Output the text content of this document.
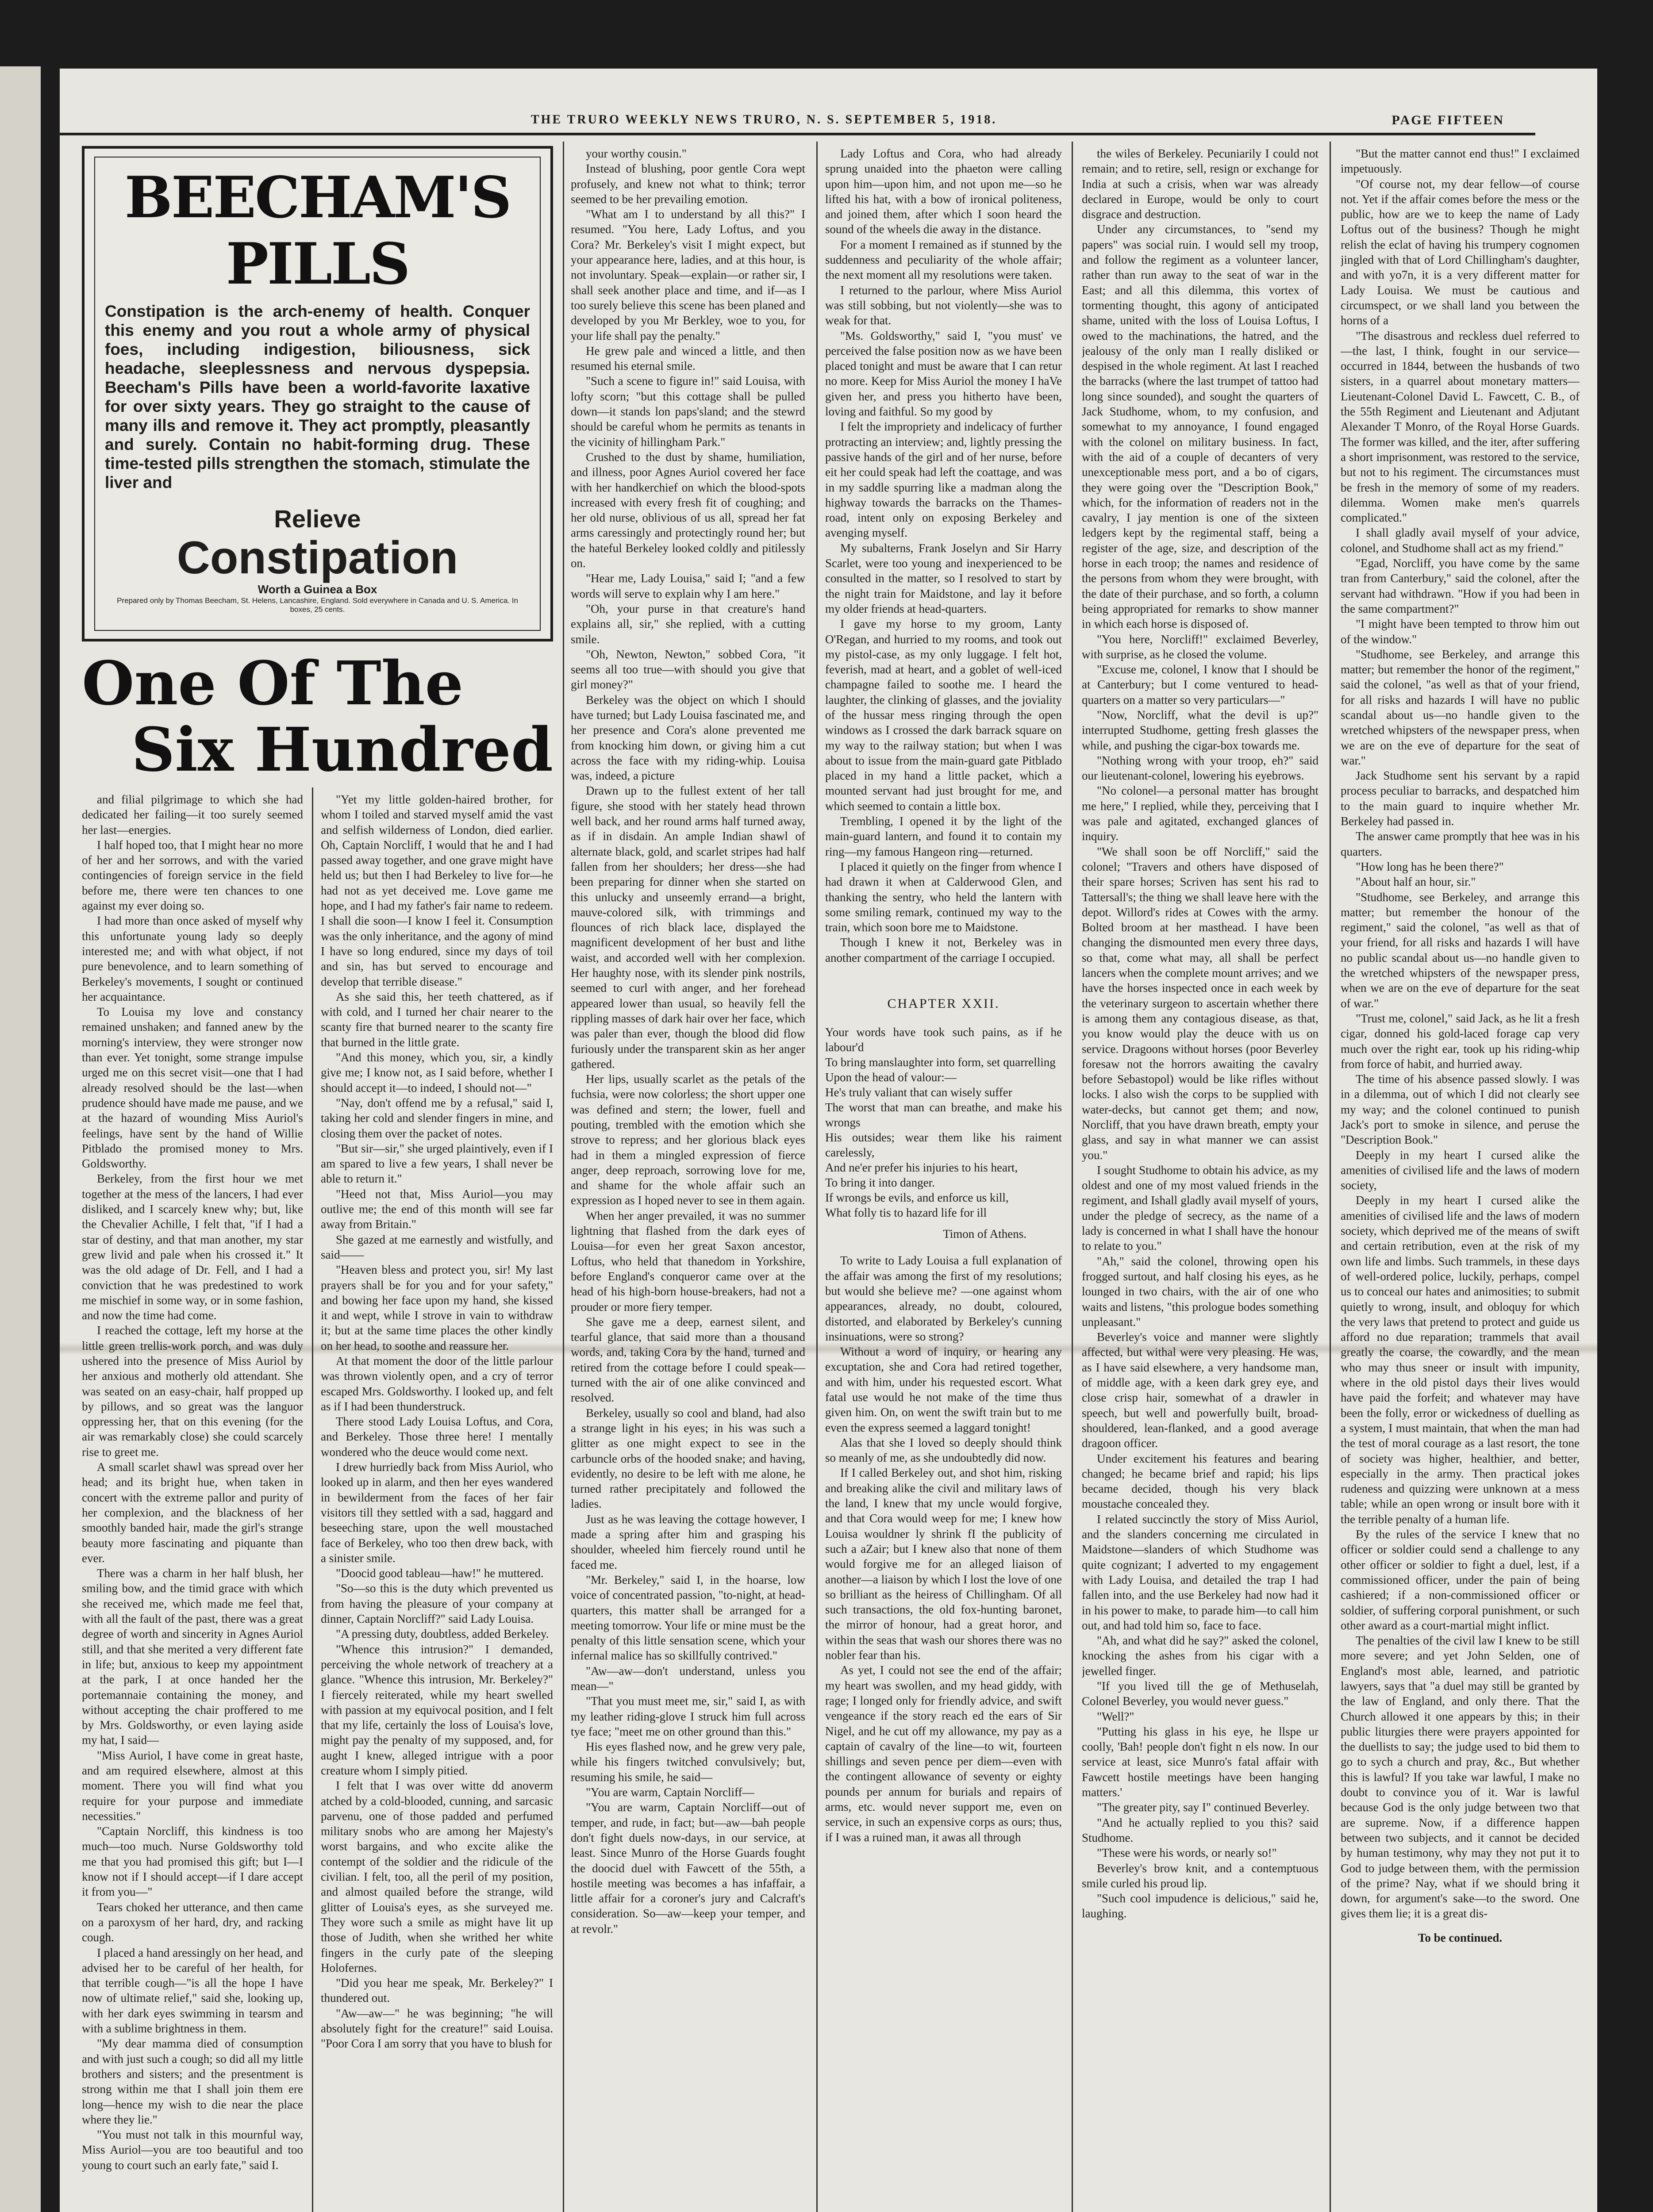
THE TRURO WEEKLY NEWS TRURO, N. S. SEPTEMBER 5, 1918.	PAGE FIFTEEN
BEECHAM'S PILLS
Constipation is the arch-enemy of health. Conquer this enemy and you rout a whole army of physical foes, including indigestion, biliousness, sick headache, sleeplessness and nervous dyspepsia. Beecham's Pills have been a world-favorite laxative for over sixty years. They go straight to the cause of many ills and remove it. They act promptly, pleasantly and surely. Contain no habit-forming drug. These time-tested pills strengthen the stomach, stimulate the liver and
Relieve
Constipation
Worth a Guinea a Box
Prepared only by Thomas Beecham, St. Helens, Lancashire, England. Sold everywhere in Canada and U. S. America. In boxes, 25 cents.
One Of The
Six Hundred

and filial pilgrimage to which she had dedicated her failing—it too surely seemed her last—energies.

I half hoped too, that I might hear no more of her and her sorrows, and with the varied contingencies of foreign service in the field before me, there were ten chances to one against my ever doing so.

I had more than once asked of myself why this unfortunate young lady so deeply interested me; and with what object, if not pure benevolence, and to learn something of Berkeley's movements, I sought or continued her acquaintance.

To Louisa my love and constancy remained unshaken; and fanned anew by the morning's interview, they were stronger now than ever. Yet tonight, some strange impulse urged me on this secret visit—one that I had already resolved should be the last—when prudence should have made me pause, and we at the hazard of wounding Miss Auriol's feelings, have sent by the hand of Willie Pitblado the promised money to Mrs. Goldsworthy.

Berkeley, from the first hour we met together at the mess of the lancers, I had ever disliked, and I scarcely knew why; but, like the Chevalier Achille, I felt that, "if I had a star of destiny, and that man another, my star grew livid and pale when his crossed it." It was the old adage of Dr. Fell, and I had a conviction that he was predestined to work me mischief in some way, or in some fashion, and now the time had come.

I reached the cottage, left my horse at the little green trellis-work porch, and was duly ushered into the presence of Miss Auriol by her anxious and motherly old attendant. She was seated on an easy-chair, half propped up by pillows, and so great was the languor oppressing her, that on this evening (for the air was remarkably close) she could scarcely rise to greet me.

A small scarlet shawl was spread over her head; and its bright hue, when taken in concert with the extreme pallor and purity of her complexion, and the blackness of her smoothly banded hair, made the girl's strange beauty more fascinating and piquante than ever.

There was a charm in her half blush, her smiling bow, and the timid grace with which she received me, which made me feel that, with all the fault of the past, there was a great degree of worth and sincerity in Agnes Auriol still, and that she merited a very different fate in life; but, anxious to keep my appointment at the park, I at once handed her the portemannaie containing the money, and without accepting the chair proffered to me by Mrs. Goldsworthy, or even laying aside my hat, I said—

"Miss Auriol, I have come in great haste, and am required elsewhere, almost at this moment. There you will find what you require for your purpose and immediate necessities."

"Captain Norcliff, this kindness is too much—too much. Nurse Goldsworthy told me that you had promised this gift; but I—I know not if I should accept—if I dare accept it from you—"

Tears choked her utterance, and then came on a paroxysm of her hard, dry, and racking cough.

I placed a hand aressingly on her head, and advised her to be careful of her health, for that terrible cough—"is all the hope I have now of ultimate relief," said she, looking up, with her dark eyes swimming in tearsm and with a sublime brightness in them.

"My dear mamma died of consumption and with just such a cough; so did all my little brothers and sisters; and the presentment is strong within me that I shall join them ere long—hence my wish to die near the place where they lie."

"You must not talk in this mournful way, Miss Auriol—you are too beautiful and too young to court such an early fate," said I.

"Yet my little golden-haired brother, for whom I toiled and starved myself amid the vast and selfish wilderness of London, died earlier. Oh, Captain Norcliff, I would that he and I had passed away together, and one grave might have held us; but then I had Berkeley to live for—he had not as yet deceived me. Love game me hope, and I had my father's fair name to redeem. I shall die soon—I know I feel it. Consumption was the only inheritance, and the agony of mind I have so long endured, since my days of toil and sin, has but served to encourage and develop that terrible disease."

As she said this, her teeth chattered, as if with cold, and I turned her chair nearer to the scanty fire that burned nearer to the scanty fire that burned in the little grate.

"And this money, which you, sir, a kindly give me; I know not, as I said before, whether I should accept it—to indeed, I should not—"

"Nay, don't offend me by a refusal," said I, taking her cold and slender fingers in mine, and closing them over the packet of notes.

"But sir—sir," she urged plaintively, even if I am spared to live a few years, I shall never be able to return it."

"Heed not that, Miss Auriol—you may outlive me; the end of this month will see far away from Britain."

She gazed at me earnestly and wistfully, and said——

"Heaven bless and protect you, sir! My last prayers shall be for you and for your safety," and bowing her face upon my hand, she kissed it and wept, while I strove in vain to withdraw it; but at the same time places the other kindly on her head, to soothe and reassure her.

At that moment the door of the little parlour was thrown violently open, and a cry of terror escaped Mrs. Goldsworthy. I looked up, and felt as if I had been thunderstruck.

There stood Lady Louisa Loftus, and Cora, and Berkeley. Those three here! I mentally wondered who the deuce would come next.

I drew hurriedly back from Miss Auriol, who looked up in alarm, and then her eyes wandered in bewilderment from the faces of her fair visitors till they settled with a sad, haggard and beseeching stare, upon the well moustached face of Berkeley, who too then drew back, with a sinister smile.

"Doocid good tableau—haw!" he muttered.

"So—so this is the duty which prevented us from having the pleasure of your company at dinner, Captain Norcliff?" said Lady Louisa.

"A pressing duty, doubtless, added Berkeley.

"Whence this intrusion?" I demanded, perceiving the whole network of treachery at a glance. "Whence this intrusion, Mr. Berkeley?" I fiercely reiterated, while my heart swelled with passion at my equivocal position, and I felt that my life, certainly the loss of Louisa's love, might pay the penalty of my supposed, and, for aught I knew, alleged intrigue with a poor creature whom I simply pitied.

I felt that I was over witte dd anoverm atched by a cold-blooded, cunning, and sarcasic parvenu, one of those padded and perfumed military snobs who are among her Majesty's worst bargains, and who excite alike the contempt of the soldier and the ridicule of the civilian. I felt, too, all the peril of my position, and almost quailed before the strange, wild glitter of Louisa's eyes, as she surveyed me. They wore such a smile as might have lit up those of Judith, when she writhed her white fingers in the curly pate of the sleeping Holofernes.

"Did you hear me speak, Mr. Berkeley?" I thundered out.

"Aw—aw—" he was beginning; "he will absolutely fight for the creature!" said Louisa. "Poor Cora I am sorry that you have to blush for

your worthy cousin."

Instead of blushing, poor gentle Cora wept profusely, and knew not what to think; terror seemed to be her prevailing emotion.

"What am I to understand by all this?" I resumed. "You here, Lady Loftus, and you Cora? Mr. Berkeley's visit I might expect, but your appearance here, ladies, and at this hour, is not involuntary. Speak—explain—or rather sir, I shall seek another place and time, and if—as I too surely believe this scene has been planed and developed by you Mr Berkley, woe to you, for your life shall pay the penalty."

He grew pale and winced a little, and then resumed his eternal smile.

"Such a scene to figure in!" said Louisa, with lofty scorn; "but this cottage shall be pulled down—it stands lon paps'sland; and the stewrd should be careful whom he permits as tenants in the vicinity of hillingham Park."

Crushed to the dust by shame, humiliation, and illness, poor Agnes Auriol covered her face with her handkerchief on which the blood-spots increased with every fresh fit of coughing; and her old nurse, oblivious of us all, spread her fat arms caressingly and protectingly round her; but the hateful Berkeley looked coldly and pitilessly on.

"Hear me, Lady Louisa," said I; "and a few words will serve to explain why I am here."

"Oh, your purse in that creature's hand explains all, sir," she replied, with a cutting smile.

"Oh, Newton, Newton," sobbed Cora, "it seems all too true—with should you give that girl money?"

Berkeley was the object on which I should have turned; but Lady Louisa fascinated me, and her presence and Cora's alone prevented me from knocking him down, or giving him a cut across the face with my riding-whip. Louisa was, indeed, a picture

Drawn up to the fullest extent of her tall figure, she stood with her stately head thrown well back, and her round arms half turned away, as if in disdain. An ample Indian shawl of alternate black, gold, and scarlet stripes had half fallen from her shoulders; her dress—she had been preparing for dinner when she started on this unlucky and unseemly errand—a bright, mauve-colored silk, with trimmings and flounces of rich black lace, displayed the magnificent development of her bust and lithe waist, and accorded well with her complexion. Her haughty nose, with its slender pink nostrils, seemed to curl with anger, and her forehead appeared lower than usual, so heavily fell the rippling masses of dark hair over her face, which was paler than ever, though the blood did flow furiously under the transparent skin as her anger gathered.

Her lips, usually scarlet as the petals of the fuchsia, were now colorless; the short upper one was defined and stern; the lower, fuell and pouting, trembled with the emotion which she strove to repress; and her glorious black eyes had in them a mingled expression of fierce anger, deep reproach, sorrowing love for me, and shame for the whole affair such an expression as I hoped never to see in them again.

When her anger prevailed, it was no summer lightning that flashed from the dark eyes of Louisa—for even her great Saxon ancestor, Loftus, who held that thanedom in Yorkshire, before England's conqueror came over at the head of his high-born house-breakers, had not a prouder or more fiery temper.

She gave me a deep, earnest silent, and tearful glance, that said more than a thousand words, and, taking Cora by the hand, turned and retired from the cottage before I could speak—turned with the air of one alike convinced and resolved.

Berkeley, usually so cool and bland, had also a strange light in his eyes; in his was such a glitter as one might expect to see in the carbuncle orbs of the hooded snake; and having, evidently, no desire to be left with me alone, he turned rather precipitately and followed the ladies.

Just as he was leaving the cottage however, I made a spring after him and grasping his shoulder, wheeled him fiercely round until he faced me.

"Mr. Berkeley," said I, in the hoarse, low voice of concentrated passion, "to-night, at head-quarters, this matter shall be arranged for a meeting tomorrow. Your life or mine must be the penalty of this little sensation scene, which your infernal malice has so skillfully contrived."

"Aw—aw—don't understand, unless you mean—"

"That you must meet me, sir," said I, as with my leather riding-glove I struck him full across tye face; "meet me on other ground than this."

His eyes flashed now, and he grew very pale, while his fingers twitched convulsively; but, resuming his smile, he said—

"You are warm, Captain Norcliff—

"You are warm, Captain Norcliff—out of temper, and rude, in fact; but—aw—bah people don't fight duels now-days, in our service, at least. Since Munro of the Horse Guards fought the doocid duel with Fawcett of the 55th, a hostile meeting was becomes a has infaffair, a little affair for a coroner's jury and Calcraft's consideration. So—aw—keep your temper, and at revolr."

Lady Loftus and Cora, who had already sprung unaided into the phaeton were calling upon him—upon him, and not upon me—so he lifted his hat, with a bow of ironical politeness, and joined them, after which I soon heard the sound of the wheels die away in the distance.

For a moment I remained as if stunned by the suddenness and peculiarity of the whole affair; the next moment all my resolutions were taken.

I returned to the parlour, where Miss Auriol was still sobbing, but not violently—she was to weak for that.

"Ms. Goldsworthy," said I, "you must' ve perceived the false position now as we have been placed tonight and must be aware that I can retur no more. Keep for Miss Auriol the money I haVe given her, and press you hitherto have been, loving and faithful. So my good by

I felt the impropriety and indelicacy of further protracting an interview; and, lightly pressing the passive hands of the girl and of her nurse, before eit her could speak had left the coattage, and was in my saddle spurring like a madman along the highway towards the barracks on the Thames-road, intent only on exposing Berkeley and avenging myself.

My subalterns, Frank Joselyn and Sir Harry Scarlet, were too young and inexperienced to be consulted in the matter, so I resolved to start by the night train for Maidstone, and lay it before my older friends at head-quarters.

I gave my horse to my groom, Lanty O'Regan, and hurried to my rooms, and took out my pistol-case, as my only luggage. I felt hot, feverish, mad at heart, and a goblet of well-iced champagne failed to soothe me. I heard the laughter, the clinking of glasses, and the joviality of the hussar mess ringing through the open windows as I crossed the dark barrack square on my way to the railway station; but when I was about to issue from the main-guard gate Pitblado placed in my hand a little packet, which a mounted servant had just brought for me, and which seemed to contain a little box.

Trembling, I opened it by the light of the main-guard lantern, and found it to contain my ring—my famous Hangeon ring—returned.

I placed it quietly on the finger from whence I had drawn it when at Calderwood Glen, and thanking the sentry, who held the lantern with some smiling remark, continued my way to the train, which soon bore me to Maidstone.

Though I knew it not, Berkeley was in another compartment of the carriage I occupied.

CHAPTER XXII.
Your words have took such pains, as if he labour'd
To bring manslaughter into form, set quarrelling
Upon the head of valour:—
He's truly valiant that can wisely suffer
The worst that man can breathe, and make his wrongs
His outsides; wear them like his raiment carelessly,
And ne'er prefer his injuries to his heart,
To bring it into danger.
If wrongs be evils, and enforce us kill,
What folly tis to hazard life for ill
Timon of Athens.

To write to Lady Louisa a full explanation of the affair was among the first of my resolutions; but would she believe me? —one against whom appearances, already, no doubt, coloured, distorted, and elaborated by Berkeley's cunning insinuations, were so strong?

Without a word of inquiry, or hearing any excuptation, she and Cora had retired together, and with him, under his requested escort. What fatal use would he not make of the time thus given him. On, on went the swift train but to me even the express seemed a laggard tonight!

Alas that she I loved so deeply should think so meanly of me, as she undoubtedly did now.

If I called Berkeley out, and shot him, risking and breaking alike the civil and military laws of the land, I knew that my uncle would forgive, and that Cora would weep for me; I knew how Louisa wouldner ly shrink fI the publicity of such a aZair; but I knew also that none of them would forgive me for an alleged liaison of another—a liaison by which I lost the love of one so brilliant as the heiress of Chillingham. Of all such transactions, the old fox-hunting baronet, the mirror of honour, had a great horor, and within the seas that wash our shores there was no nobler fear than his.

As yet, I could not see the end of the affair; my heart was swollen, and my head giddy, with rage; I longed only for friendly advice, and swift vengeance if the story reach ed the ears of Sir Nigel, and he cut off my allowance, my pay as a captain of cavalry of the line—to wit, fourteen shillings and seven pence per diem—even with the contingent allowance of seventy or eighty pounds per annum for burials and repairs of arms, etc. would never support me, even on service, in such an expensive corps as ours; thus, if I was a ruined man, it awas all through

the wiles of Berkeley. Pecuniarily I could not remain; and to retire, sell, resign or exchange for India at such a crisis, when war was already declared in Europe, would be only to court disgrace and destruction.

Under any circumstances, to "send my papers" was social ruin. I would sell my troop, and follow the regiment as a volunteer lancer, rather than run away to the seat of war in the East; and all this dilemma, this vortex of tormenting thought, this agony of anticipated shame, united with the loss of Louisa Loftus, I owed to the machinations, the hatred, and the jealousy of the only man I really disliked or despised in the whole regiment. At last I reached the barracks (where the last trumpet of tattoo had long since sounded), and sought the quarters of Jack Studhome, whom, to my confusion, and somewhat to my annoyance, I found engaged with the colonel on military business. In fact, with the aid of a couple of decanters of very unexceptionable mess port, and a bo of cigars, they were going over the "Description Book," which, for the information of readers not in the cavalry, I jay mention is one of the sixteen ledgers kept by the regimental staff, being a register of the age, size, and description of the horse in each troop; the names and residence of the persons from whom they were brought, with the date of their purchase, and so forth, a column being appropriated for remarks to show manner in which each horse is disposed of.

"You here, Norcliff!" exclaimed Beverley, with surprise, as he closed the volume.

"Excuse me, colonel, I know that I should be at Canterbury; but I come ventured to head-quarters on a matter so very particulars—"

"Now, Norcliff, what the devil is up?" interrupted Studhome, getting fresh glasses the while, and pushing the cigar-box towards me.

"Nothing wrong with your troop, eh?" said our lieutenant-colonel, lowering his eyebrows.

"No colonel—a personal matter has brought me here," I replied, while they, perceiving that I was pale and agitated, exchanged glances of inquiry.

"We shall soon be off Norcliff," said the colonel; "Travers and others have disposed of their spare horses; Scriven has sent his rad to Tattersall's; the thing we shall leave here with the depot. Willord's rides at Cowes with the army. Bolted broom at her masthead. I have been changing the dismounted men every three days, so that, come what may, all shall be perfect lancers when the complete mount arrives; and we have the horses inspected once in each week by the veterinary surgeon to ascertain whether there is among them any contagious disease, as that, you know would play the deuce with us on service. Dragoons without horses (poor Beverley foresaw not the horrors awaiting the cavalry before Sebastopol) would be like rifles without locks. I also wish the corps to be supplied with water-decks, but cannot get them; and now, Norcliff, that you have drawn breath, empty your glass, and say in what manner we can assist you."

I sought Studhome to obtain his advice, as my oldest and one of my most valued friends in the regiment, and Ishall gladly avail myself of yours, under the pledge of secrecy, as the name of a lady is concerned in what I shall have the honour to relate to you."

"Ah," said the colonel, throwing open his frogged surtout, and half closing his eyes, as he lounged in two chairs, with the air of one who waits and listens, "this prologue bodes something unpleasant."

Beverley's voice and manner were slightly affected, but withal were very pleasing. He was, as I have said elsewhere, a very handsome man, of middle age, with a keen dark grey eye, and close crisp hair, somewhat of a drawler in speech, but well and powerfully built, broad-shouldered, lean-flanked, and a good average dragoon officer.

Under excitement his features and bearing changed; he became brief and rapid; his lips became decided, though his very black moustache concealed they.

I related succinctly the story of Miss Auriol, and the slanders concerning me circulated in Maidstone—slanders of which Studhome was quite cognizant; I adverted to my engagement with Lady Louisa, and detailed the trap I had fallen into, and the use Berkeley had now had it in his power to make, to parade him—to call him out, and had told him so, face to face.

"Ah, and what did he say?" asked the colonel, knocking the ashes from his cigar with a jewelled finger.

"If you lived till the ge of Methuselah, Colonel Beverley, you would never guess."

"Well?"

"Putting his glass in his eye, he llspe ur coolly, 'Bah! people don't fight n els now. In our service at least, sice Munro's fatal affair with Fawcett hostile meetings have been hanging matters.'

"The greater pity, say I" continued Beverley.

"And he actually replied to you this? said Studhome.

"These were his words, or nearly so!"

Beverley's brow knit, and a contemptuous smile curled his proud lip.

"Such cool impudence is delicious," said he, laughing.

"But the matter cannot end thus!" I exclaimed impetuously.

"Of course not, my dear fellow—of course not. Yet if the affair comes before the mess or the public, how are we to keep the name of Lady Loftus out of the business? Though he might relish the eclat of having his trumpery cognomen jingled with that of Lord Chillingham's daughter, and with yo7n, it is a very different matter for Lady Louisa. We must be cautious and circumspect, or we shall land you between the horns of a

"The disastrous and reckless duel referred to—the last, I think, fought in our service—occurred in 1844, between the husbands of two sisters, in a quarrel about monetary matters—Lieutenant-Colonel David L. Fawcett, C. B., of the 55th Regiment and Lieutenant and Adjutant Alexander T Monro, of the Royal Horse Guards. The former was killed, and the iter, after suffering a short imprisonment, was restored to the service, but not to his regiment. The circumstances must be fresh in the memory of some of my readers. dilemma. Women make men's quarrels complicated."

I shall gladly avail myself of your advice, colonel, and Studhome shall act as my friend."

"Egad, Norcliff, you have come by the same tran from Canterbury," said the colonel, after the servant had withdrawn. "How if you had been in the same compartment?"

"I might have been tempted to throw him out of the window."

"Studhome, see Berkeley, and arrange this matter; but remember the honor of the regiment," said the colonel, "as well as that of your friend, for all risks and hazards I will have no public scandal about us—no handle given to the wretched whipsters of the newspaper press, when we are on the eve of departure for the seat of war."

Jack Studhome sent his servant by a rapid process peculiar to barracks, and despatched him to the main guard to inquire whether Mr. Berkeley had passed in.

The answer came promptly that hee was in his quarters.

"How long has he been there?"

"About half an hour, sir."

"Studhome, see Berkeley, and arrange this matter; but remember the honour of the regiment," said the colonel, "as well as that of your friend, for all risks and hazards I will have no public scandal about us—no handle given to the wretched whipsters of the newspaper press, when we are on the eve of departure for the seat of war."

"Trust me, colonel," said Jack, as he lit a fresh cigar, donned his gold-laced forage cap very much over the right ear, took up his riding-whip from force of habit, and hurried away.

The time of his absence passed slowly. I was in a dilemma, out of which I did not clearly see my way; and the colonel continued to punish Jack's port to smoke in silence, and peruse the "Description Book."

Deeply in my heart I cursed alike the amenities of civilised life and the laws of modern society,

Deeply in my heart I cursed alike the amenities of civilised life and the laws of modern society, which deprived me of the means of swift and certain retribution, even at the risk of my own life and limbs. Such trammels, in these days of well-ordered police, luckily, perhaps, compel us to conceal our hates and animosities; to submit quietly to wrong, insult, and obloquy for which the very laws that pretend to protect and guide us afford no due reparation; trammels that avail greatly the coarse, the cowardly, and the mean who may thus sneer or insult with impunity, where in the old pistol days their lives would have paid the forfeit; and whatever may have been the folly, error or wickedness of duelling as a system, I must maintain, that when the man had the test of moral courage as a last resort, the tone of society was higher, healthier, and better, especially in the army. Then practical jokes rudeness and quizzing were unknown at a mess table; while an open wrong or insult bore with it the terrible penalty of a human life.

By the rules of the service I knew that no officer or soldier could send a challenge to any other officer or soldier to fight a duel, lest, if a commissioned officer, under the pain of being cashiered; if a non-commissioned officer or soldier, of suffering corporal punishment, or such other award as a court-martial might inflict.

The penalties of the civil law I knew to be still more severe; and yet John Selden, one of England's most able, learned, and patriotic lawyers, says that "a duel may still be granted by the law of England, and only there. That the Church allowed it one appears by this; in their public liturgies there were prayers appointed for the duellists to say; the judge used to bid them to go to sych a church and pray, &c., But whether this is lawful? If you take war lawful, I make no doubt to convince you of it. War is lawful because God is the only judge between two that are supreme. Now, if a difference happen between two subjects, and it cannot be decided by human testimony, why may they not put it to God to judge between them, with the permission of the prime? Nay, what if we should bring it down, for argument's sake—to the sword. One gives them lie; it is a great dis-

To be continued.
